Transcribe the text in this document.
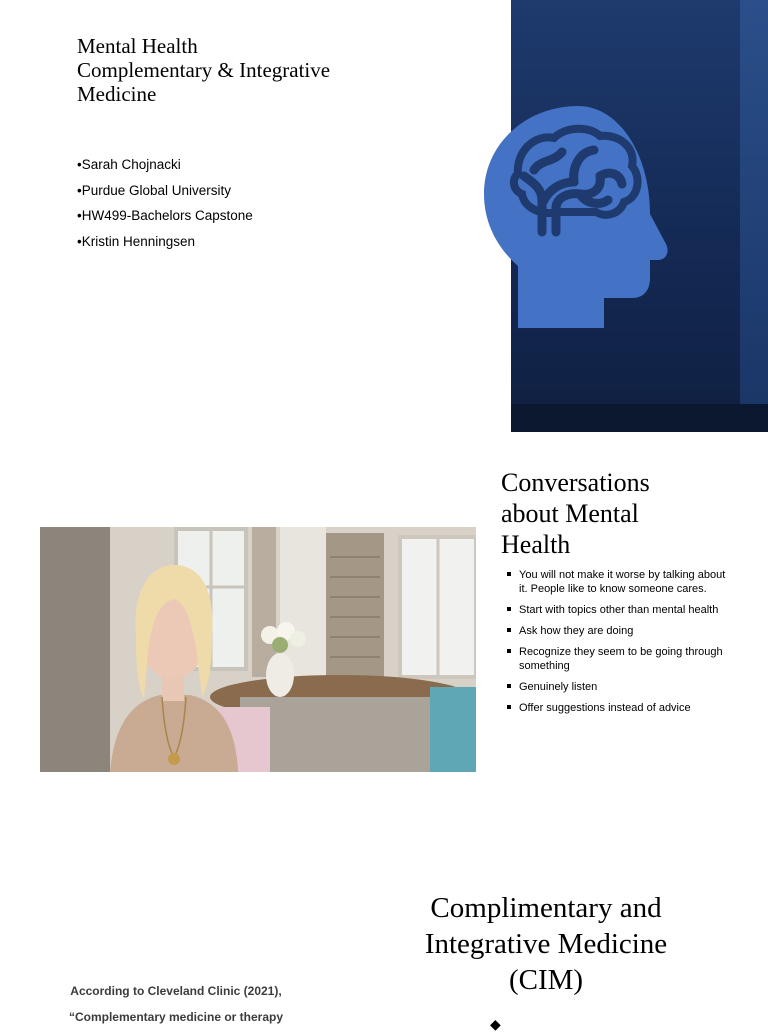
Mental Health
Complementary & Integrative
Medicine
•Sarah Chojnacki
•Purdue Global University
•HW499-Bachelors Capstone
•Kristin Henningsen
Conversations
about Mental
Health
You will not make it worse by talking about it. People like to know someone cares.
Start with topics other than mental health
Ask how they are doing
Recognize they seem to be going through something
Genuinely listen
Offer suggestions instead of advice
Complimentary and
Integrative Medicine
(CIM)
According to Cleveland Clinic (2021),
“Complementary medicine or therapy	◆
